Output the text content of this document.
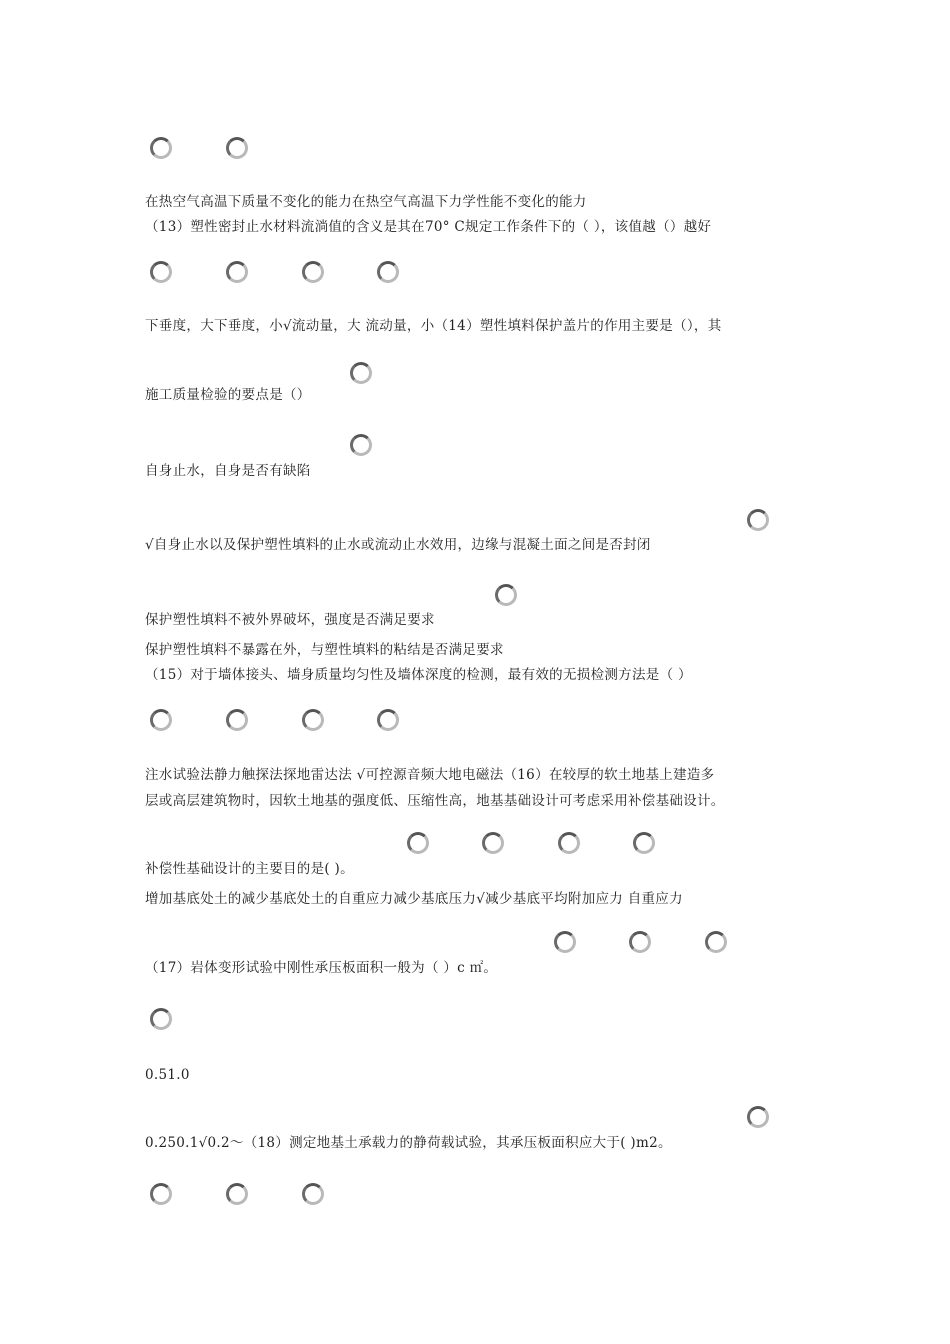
在热空气高温下质量不变化的能力在热空气高温下力学性能不变化的能力
（13）塑性密封止水材料流淌值的含义是其在70° C规定工作条件下的（ ），该值越（）越好
下垂度，大下垂度，小√流动量，大 流动量，小（14）塑性填料保护盖片的作用主要是（），其
施工质量检验的要点是（）
自身止水，自身是否有缺陷
√自身止水以及保护塑性填料的止水或流动止水效用，边缘与混凝土面之间是否封闭
保护塑性填料不被外界破坏，强度是否满足要求
保护塑性填料不暴露在外，与塑性填料的粘结是否满足要求
（15）对于墙体接头、墙身质量均匀性及墙体深度的检测，最有效的无损检测方法是（ ）
注水试验法静力触探法探地雷达法 √可控源音频大地电磁法（16）在较厚的软土地基上建造多
层或高层建筑物时，因软土地基的强度低、压缩性高，地基基础设计可考虑采用补偿基础设计。
补偿性基础设计的主要目的是( )。
增加基底处土的减少基底处土的自重应力减少基底压力√减少基底平均附加应力 自重应力
（17）岩体变形试验中刚性承压板面积一般为（ ）c ㎡。
0.51.0
0.250.1√0.2～（18）测定地基土承载力的静荷载试验，其承压板面积应大于( )m2。
